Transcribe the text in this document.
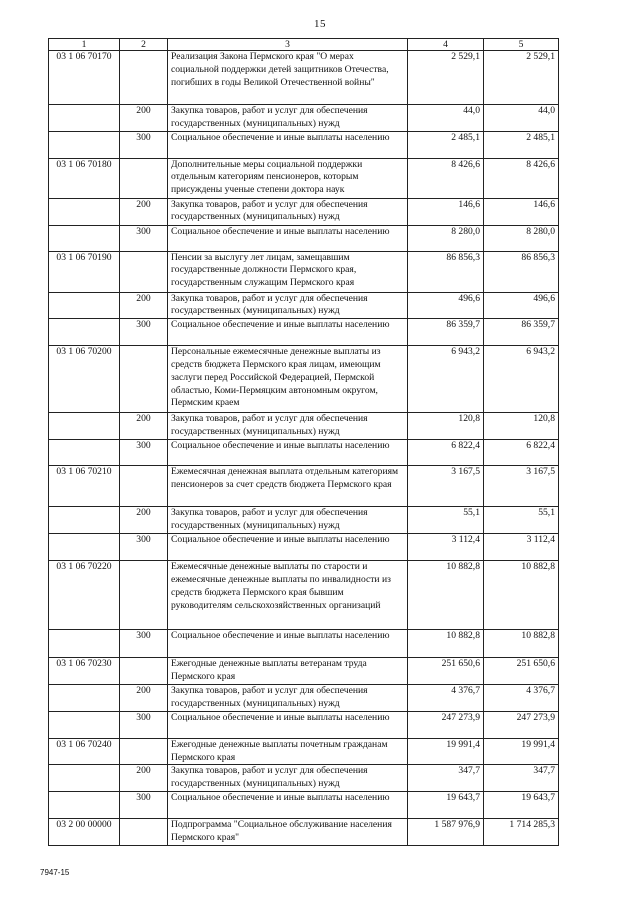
15
1	2	3	4	5
03 1 06 70170		Реализация Закона Пермского края "О мерах социальной поддержки детей защитников Отечества, погибших в годы Великой Отечественной войны"	2 529,1	2 529,1
	200	Закупка товаров, работ и услуг для обеспечения государственных (муниципальных) нужд	44,0	44,0
	300	Социальное обеспечение и иные выплаты населению	2 485,1	2 485,1
03 1 06 70180		Дополнительные меры социальной поддержки отдельным категориям пенсионеров, которым присуждены ученые степени доктора наук	8 426,6	8 426,6
	200	Закупка товаров, работ и услуг для обеспечения государственных (муниципальных) нужд	146,6	146,6
	300	Социальное обеспечение и иные выплаты населению	8 280,0	8 280,0
03 1 06 70190		Пенсии за выслугу лет лицам, замещавшим государственные должности Пермского края, государственным служащим Пермского края	86 856,3	86 856,3
	200	Закупка товаров, работ и услуг для обеспечения государственных (муниципальных) нужд	496,6	496,6
	300	Социальное обеспечение и иные выплаты населению	86 359,7	86 359,7
03 1 06 70200		Персональные ежемесячные денежные выплаты из средств бюджета Пермского края лицам, имеющим заслуги перед Российской Федерацией, Пермской областью, Коми-Пермяцким автономным округом, Пермским краем	6 943,2	6 943,2
	200	Закупка товаров, работ и услуг для обеспечения государственных (муниципальных) нужд	120,8	120,8
	300	Социальное обеспечение и иные выплаты населению	6 822,4	6 822,4
03 1 06 70210		Ежемесячная денежная выплата отдельным категориям пенсионеров за счет средств бюджета Пермского края	3 167,5	3 167,5
	200	Закупка товаров, работ и услуг для обеспечения государственных (муниципальных) нужд	55,1	55,1
	300	Социальное обеспечение и иные выплаты населению	3 112,4	3 112,4
03 1 06 70220		Ежемесячные денежные выплаты по старости и ежемесячные денежные выплаты по инвалидности из средств бюджета Пермского края бывшим руководителям сельскохозяйственных организаций	10 882,8	10 882,8
	300	Социальное обеспечение и иные выплаты населению	10 882,8	10 882,8
03 1 06 70230		Ежегодные денежные выплаты ветеранам труда Пермского края	251 650,6	251 650,6
	200	Закупка товаров, работ и услуг для обеспечения государственных (муниципальных) нужд	4 376,7	4 376,7
	300	Социальное обеспечение и иные выплаты населению	247 273,9	247 273,9
03 1 06 70240		Ежегодные денежные выплаты почетным гражданам Пермского края	19 991,4	19 991,4
	200	Закупка товаров, работ и услуг для обеспечения государственных (муниципальных) нужд	347,7	347,7
	300	Социальное обеспечение и иные выплаты населению	19 643,7	19 643,7
03 2 00 00000		Подпрограмма "Социальное обслуживание населения Пермского края"	1 587 976,9	1 714 285,3
7947-15
